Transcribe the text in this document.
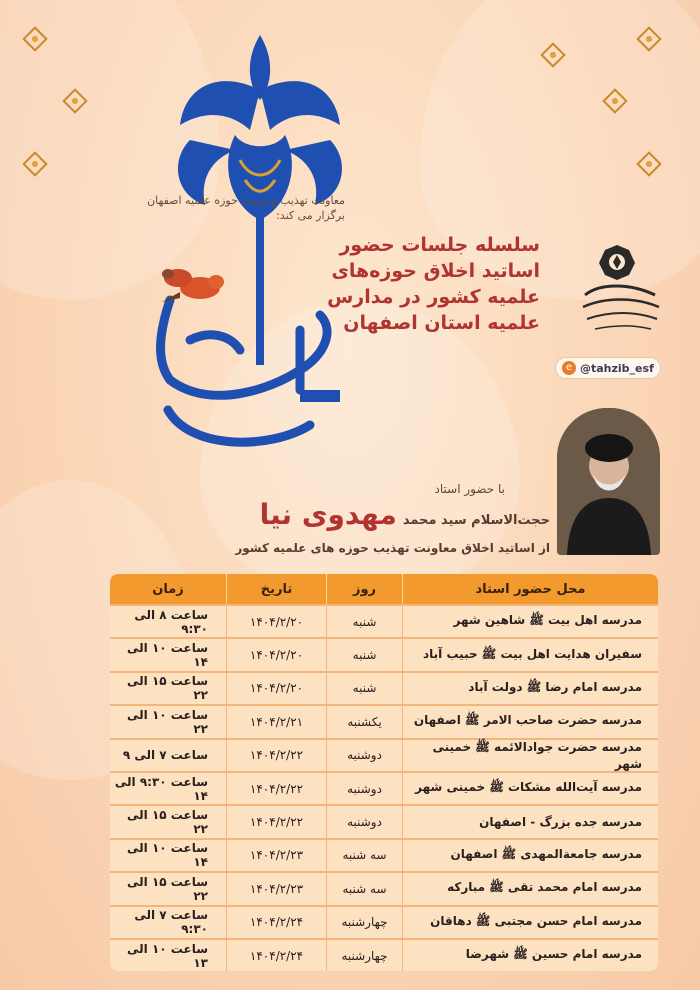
معاونت تهذیب و تربیت حوزه علمیه اصفهان برگزار می کند:
سلسله جلسات حضور
اساتید اخلاق حوزه‌های
علمیه کشور در مدارس
علمیه استان اصفهان
e @tahzib_esf
با حضور استاد
حجت‌الاسلام سید محمد
مهدوی نیا
از اساتید اخلاق معاونت تهذیب حوزه های علمیه کشور
محل حضور استاد
روز
تاریخ
زمان
مدرسه اهل بیت ﷺ شاهین شهر
شنبه
۱۴۰۴/۲/۲۰
ساعت ۸ الی ۹:۳۰
سفیران هدایت اهل بیت ﷺ حبیب آباد
شنبه
۱۴۰۴/۲/۲۰
ساعت ۱۰ الی ۱۴
مدرسه امام رضا ﷺ دولت آباد
شنبه
۱۴۰۴/۲/۲۰
ساعت ۱۵ الی ۲۲
مدرسه حضرت صاحب الامر ﷺ اصفهان
یکشنبه
۱۴۰۴/۲/۲۱
ساعت ۱۰ الی ۲۲
مدرسه حضرت جوادالائمه ﷺ خمینی شهر
دوشنبه
۱۴۰۴/۲/۲۲
ساعت ۷ الی ۹
مدرسه آیت‌الله مشکات ﷺ خمینی شهر
دوشنبه
۱۴۰۴/۲/۲۲
ساعت ۹:۳۰ الی ۱۴
مدرسه جده بزرگ - اصفهان
دوشنبه
۱۴۰۴/۲/۲۲
ساعت ۱۵ الی ۲۲
مدرسه جامعةالمهدی ﷺ اصفهان
سه شنبه
۱۴۰۴/۲/۲۳
ساعت ۱۰ الی ۱۴
مدرسه امام محمد تقی ﷺ مبارکه
سه شنبه
۱۴۰۴/۲/۲۳
ساعت ۱۵ الی ۲۲
مدرسه امام حسن مجتبی ﷺ دهاقان
چهارشنبه
۱۴۰۴/۲/۲۴
ساعت ۷ الی ۹:۳۰
مدرسه امام حسین ﷺ شهرضا
چهارشنبه
۱۴۰۴/۲/۲۴
ساعت ۱۰ الی ۱۳
